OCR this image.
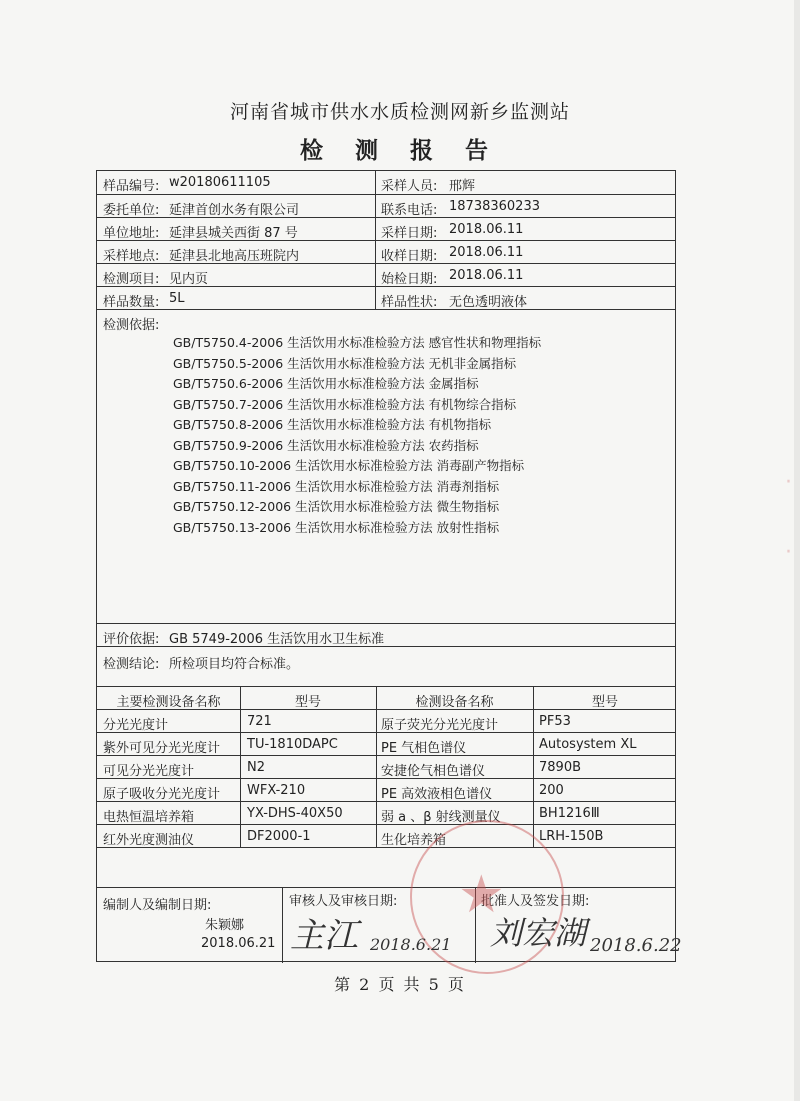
河南省城市供水水质检测网新乡监测站
检 测 报 告
样品编号: w20180611105	采样人员: 邢辉
委托单位: 延津首创水务有限公司	联系电话: 18738360233
单位地址: 延津县城关西街 87 号	采样日期: 2018.06.11
采样地点: 延津县北地高压班院内	收样日期: 2018.06.11
检测项目: 见内页	始检日期: 2018.06.11
样品数量: 5L	样品性状: 无色透明液体
检测依据:
GB/T5750.4-2006 生活饮用水标准检验方法 感官性状和物理指标
GB/T5750.5-2006 生活饮用水标准检验方法 无机非金属指标
GB/T5750.6-2006 生活饮用水标准检验方法 金属指标
GB/T5750.7-2006 生活饮用水标准检验方法 有机物综合指标
GB/T5750.8-2006 生活饮用水标准检验方法 有机物指标
GB/T5750.9-2006 生活饮用水标准检验方法 农药指标
GB/T5750.10-2006 生活饮用水标准检验方法 消毒副产物指标
GB/T5750.11-2006 生活饮用水标准检验方法 消毒剂指标
GB/T5750.12-2006 生活饮用水标准检验方法 微生物指标
GB/T5750.13-2006 生活饮用水标准检验方法 放射性指标
评价依据: GB 5749-2006 生活饮用水卫生标准
检测结论: 所检项目均符合标准。
主要检测设备名称	型号	检测设备名称	型号
分光光度计	721	原子荧光分光光度计	PF53
紫外可见分光光度计 TU-1810DAPC	PE 气相色谱仪	Autosystem XL
可见分光光度计	N2	安捷伦气相色谱仪	7890B
原子吸收分光光度计 WFX-210	PE 高效液相色谱仪	200
电热恒温培养箱	YX-DHS-40X50	弱 a 、β 射线测量仪	BH1216Ⅲ
红外光度测油仪	DF2000-1	生化培养箱	LRH-150B
编制人及编制日期:
朱颖娜
2018.06.21
审核人及审核日期:	批准人及签发日期:
★
主江 2018.6.21 刘宏湖 2018.6.22
·
·
第 2 页 共 5 页
